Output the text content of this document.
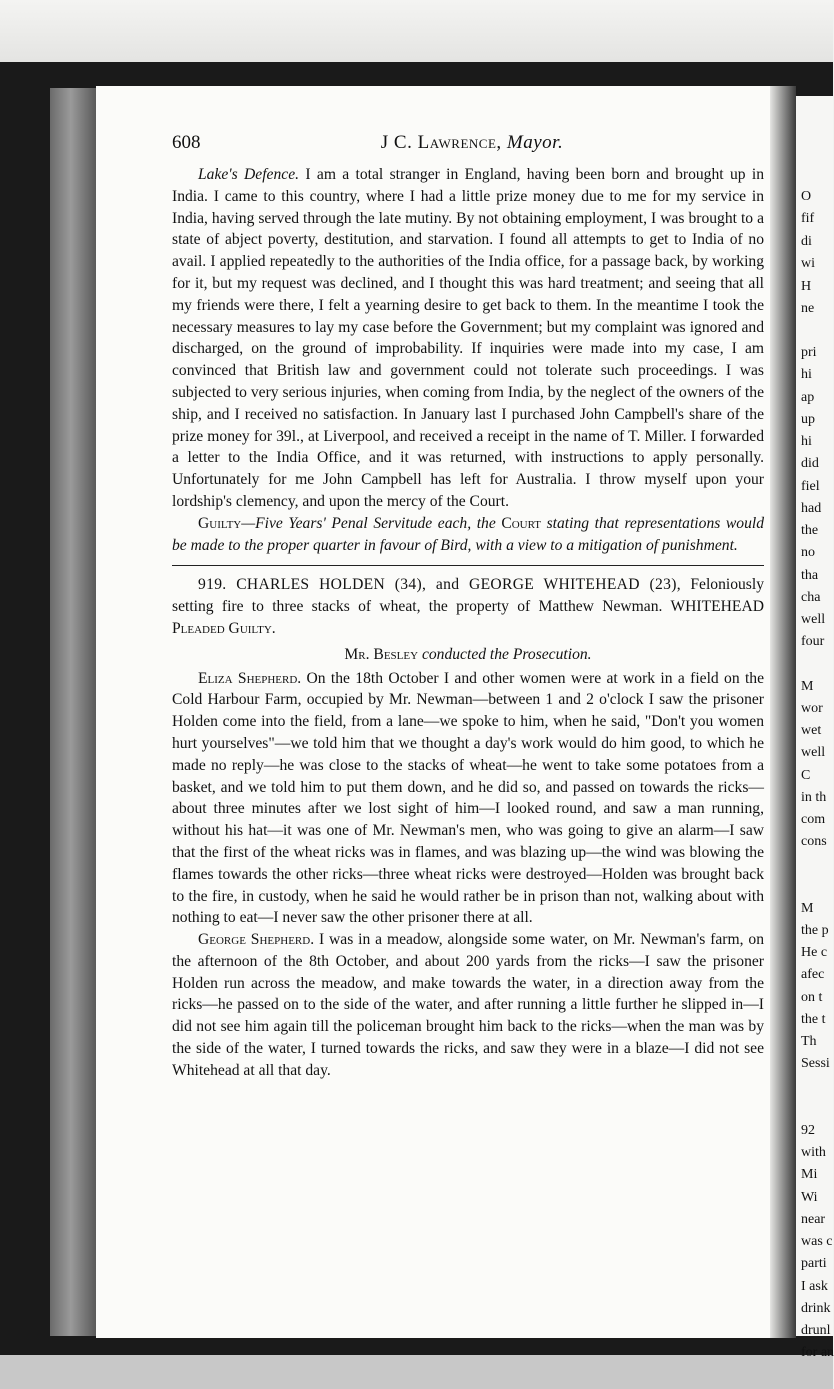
608	J C. Lawrence, Mayor.

Lake's Defence. I am a total stranger in England, having been born and brought up in India. I came to this country, where I had a little prize money due to me for my service in India, having served through the late mutiny. By not obtaining employment, I was brought to a state of abject poverty, destitution, and starvation. I found all attempts to get to India of no avail. I applied repeatedly to the authorities of the India office, for a passage back, by working for it, but my request was declined, and I thought this was hard treatment; and seeing that all my friends were there, I felt a yearning desire to get back to them. In the meantime I took the necessary measures to lay my case before the Government; but my complaint was ignored and discharged, on the ground of improbability. If inquiries were made into my case, I am convinced that British law and government could not tolerate such proceedings. I was subjected to very serious injuries, when coming from India, by the neglect of the owners of the ship, and I received no satisfaction. In January last I purchased John Campbell's share of the prize money for 39l., at Liverpool, and received a receipt in the name of T. Miller. I forwarded a letter to the India Office, and it was returned, with instructions to apply personally. Unfortunately for me John Campbell has left for Australia. I throw myself upon your lordship's clemency, and upon the mercy of the Court.

Guilty—Five Years' Penal Servitude each, the Court stating that representations would be made to the proper quarter in favour of Bird, with a view to a mitigation of punishment.

919. CHARLES HOLDEN (34), and GEORGE WHITEHEAD (23), Feloniously setting fire to three stacks of wheat, the property of Matthew Newman. WHITEHEAD Pleaded Guilty.

Mr. Besley conducted the Prosecution.

Eliza Shepherd. On the 18th October I and other women were at work in a field on the Cold Harbour Farm, occupied by Mr. Newman—between 1 and 2 o'clock I saw the prisoner Holden come into the field, from a lane—we spoke to him, when he said, "Don't you women hurt yourselves"—we told him that we thought a day's work would do him good, to which he made no reply—he was close to the stacks of wheat—he went to take some potatoes from a basket, and we told him to put them down, and he did so, and passed on towards the ricks—about three minutes after we lost sight of him—I looked round, and saw a man running, without his hat—it was one of Mr. Newman's men, who was going to give an alarm—I saw that the first of the wheat ricks was in flames, and was blazing up—the wind was blowing the flames towards the other ricks—three wheat ricks were destroyed—Holden was brought back to the fire, in custody, when he said he would rather be in prison than not, walking about with nothing to eat—I never saw the other prisoner there at all.

George Shepherd. I was in a meadow, alongside some water, on Mr. Newman's farm, on the afternoon of the 8th October, and about 200 yards from the ricks—I saw the prisoner Holden run across the meadow, and make towards the water, in a direction away from the ricks—he passed on to the side of the water, and after running a little further he slipped in—I did not see him again till the policeman brought him back to the ricks—when the man was by the side of the water, I turned towards the ricks, and saw they were in a blaze—I did not see Whitehead at all that day.

O
fif
di
wi
H
ne
pri
hi
ap
up
hi
did
fiel
had
the
no
tha
cha
well
four
M
wor
wet
well
C
in th
com
cons
M
the p
He c
afec
on t
the t
Th
Sessi
92
with
Mi
Wi
near
was c
parti
I ask
drink
drunl
for an
